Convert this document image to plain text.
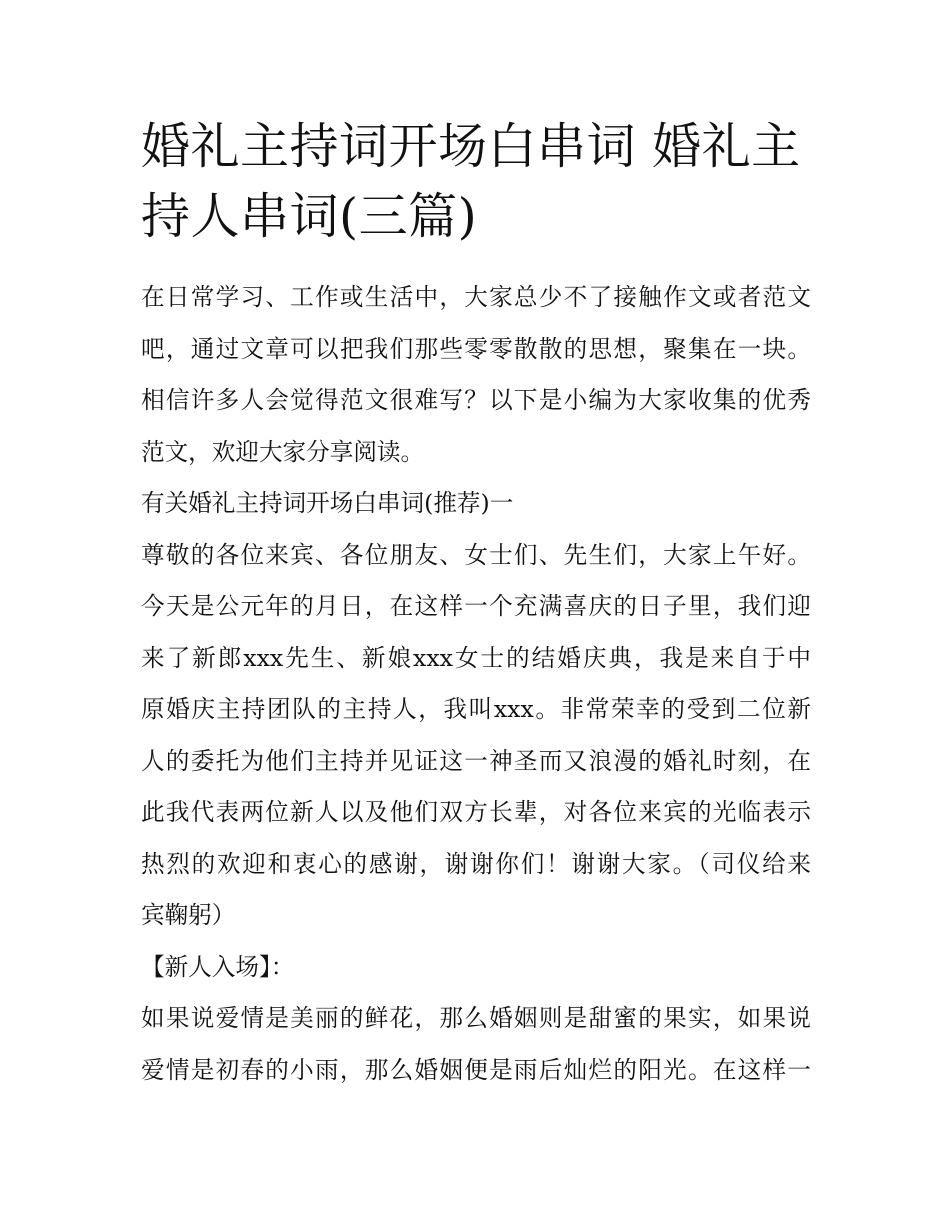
婚礼主持词开场白串词 婚礼主
持人串词(三篇)
在日常学习、工作或生活中，大家总少不了接触作文或者范文
吧，通过文章可以把我们那些零零散散的思想，聚集在一块。
相信许多人会觉得范文很难写？以下是小编为大家收集的优秀
范文，欢迎大家分享阅读。
有关婚礼主持词开场白串词(推荐)一
尊敬的各位来宾、各位朋友、女士们、先生们，大家上午好。
今天是公元年的月日，在这样一个充满喜庆的日子里，我们迎
来了新郎xxx先生、新娘xxx女士的结婚庆典，我是来自于中
原婚庆主持团队的主持人，我叫xxx。非常荣幸的受到二位新
人的委托为他们主持并见证这一神圣而又浪漫的婚礼时刻，在
此我代表两位新人以及他们双方长辈，对各位来宾的光临表示
热烈的欢迎和衷心的感谢，谢谢你们！谢谢大家。（司仪给来
宾鞠躬）
【新人入场】：
如果说爱情是美丽的鲜花，那么婚姻则是甜蜜的果实，如果说
爱情是初春的小雨，那么婚姻便是雨后灿烂的阳光。在这样一
